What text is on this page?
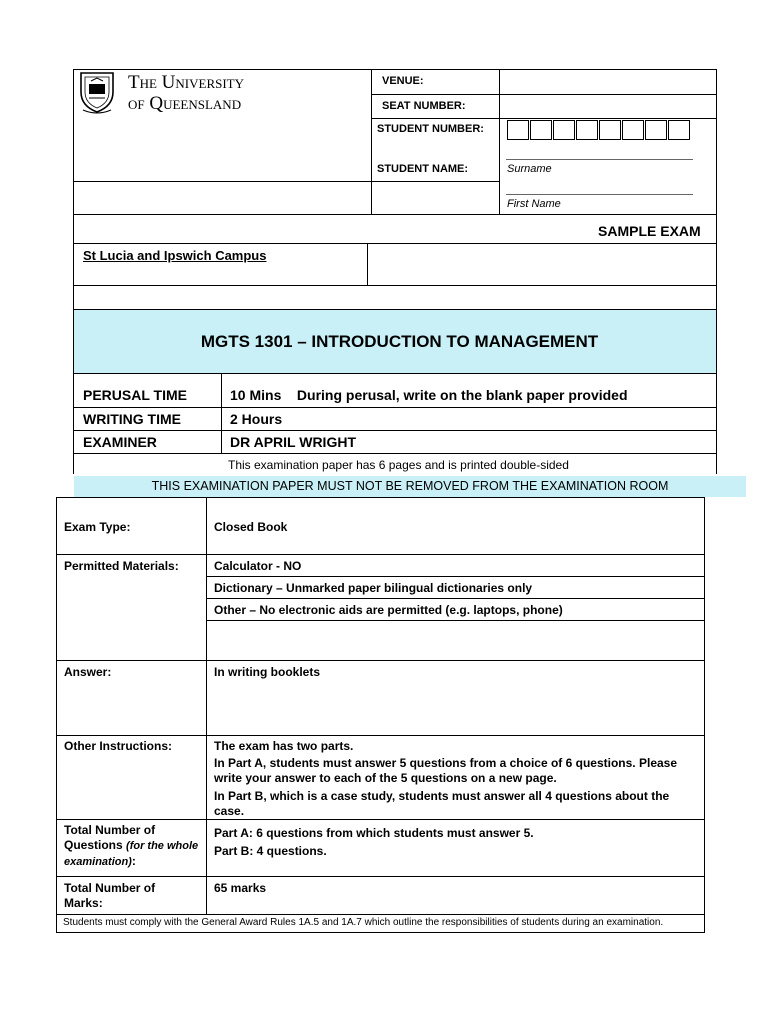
The University
of Queensland
VENUE:
SEAT NUMBER:
STUDENT NUMBER:
STUDENT NAME:	Surname
First Name
SAMPLE EXAM
St Lucia and Ipswich Campus
MGTS 1301 – INTRODUCTION TO MANAGEMENT
PERUSAL TIME	10 Mins    During perusal, write on the blank paper provided
WRITING TIME	2 Hours
EXAMINER	DR APRIL WRIGHT
This examination paper has 6 pages and is printed double-sided
THIS EXAMINATION PAPER MUST NOT BE REMOVED FROM THE EXAMINATION ROOM
Exam Type:	Closed Book
Permitted Materials:	Calculator - NO
Dictionary – Unmarked paper bilingual dictionaries only
Other – No electronic aids are permitted (e.g. laptops, phone)
Answer:	In writing booklets
Other Instructions:	The exam has two parts.
In Part A, students must answer 5 questions from a choice of 6 questions. Please write your answer to each of the 5 questions on a new page.
In Part B, which is a case study, students must answer all 4 questions about the case.
Total Number of Questions (for the whole examination):
Part A: 6 questions from which students must answer 5.
Part B: 4 questions.
Total Number of Marks:
65 marks
Students must comply with the General Award Rules 1A.5 and 1A.7 which outline the responsibilities of students during an examination.
